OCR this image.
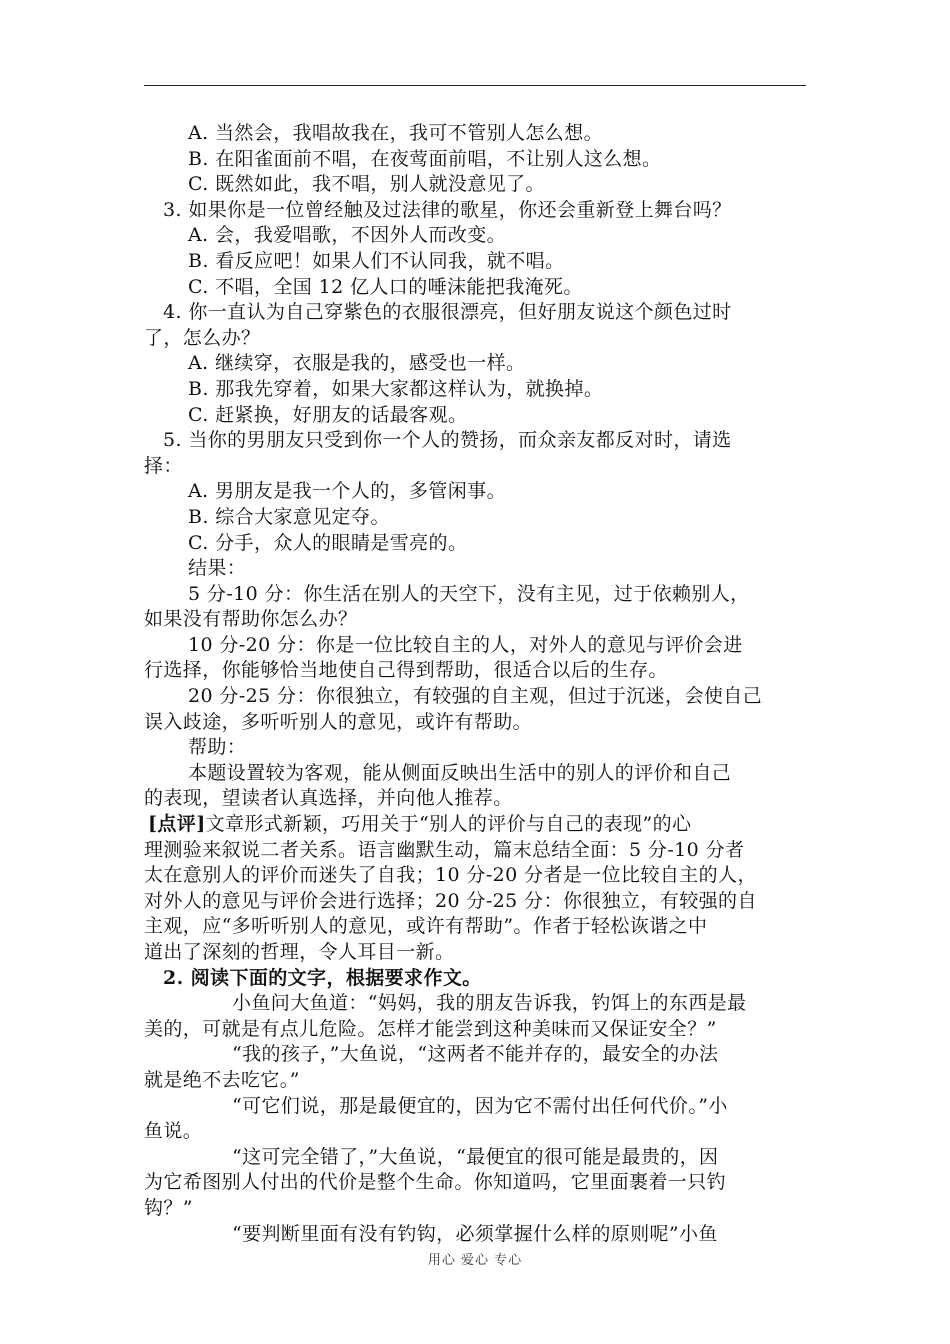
A. 当然会，我唱故我在，我可不管别人怎么想。
B. 在阳雀面前不唱，在夜莺面前唱，不让别人这么想。
C. 既然如此，我不唱，别人就没意见了。
3. 如果你是一位曾经触及过法律的歌星，你还会重新登上舞台吗？
A. 会，我爱唱歌，不因外人而改变。
B. 看反应吧！如果人们不认同我，就不唱。
C. 不唱，全国 12 亿人口的唾沫能把我淹死。
4. 你一直认为自己穿紫色的衣服很漂亮，但好朋友说这个颜色过时
了，怎么办？
A. 继续穿，衣服是我的，感受也一样。
B. 那我先穿着，如果大家都这样认为，就换掉。
C. 赶紧换，好朋友的话最客观。
5. 当你的男朋友只受到你一个人的赞扬，而众亲友都反对时，请选
择：
A. 男朋友是我一个人的，多管闲事。
B. 综合大家意见定夺。
C. 分手，众人的眼睛是雪亮的。
结果：
5 分-10 分：你生活在别人的天空下，没有主见，过于依赖别人，
如果没有帮助你怎么办？
10 分-20 分：你是一位比较自主的人，对外人的意见与评价会进
行选择，你能够恰当地使自己得到帮助，很适合以后的生存。
20 分-25 分：你很独立，有较强的自主观，但过于沉迷，会使自己
误入歧途，多听听别人的意见，或许有帮助。
帮助：
本题设置较为客观，能从侧面反映出生活中的别人的评价和自己
的表现，望读者认真选择，并向他人推荐。
[点评]文章形式新颖，巧用关于“别人的评价与自己的表现”的心
理测验来叙说二者关系。语言幽默生动，篇末总结全面：5 分-10 分者
太在意别人的评价而迷失了自我；10 分-20 分者是一位比较自主的人，
对外人的意见与评价会进行选择；20 分-25 分：你很独立，有较强的自
主观，应“多听听别人的意见，或许有帮助”。作者于轻松诙谐之中
道出了深刻的哲理，令人耳目一新。
2. 阅读下面的文字，根据要求作文。
小鱼问大鱼道：“妈妈，我的朋友告诉我，钓饵上的东西是最
美的，可就是有点儿危险。怎样才能尝到这种美味而又保证安全？”
“我的孩子，”大鱼说，“这两者不能并存的，最安全的办法
就是绝不去吃它。”
“可它们说，那是最便宜的，因为它不需付出任何代价。”小
鱼说。
“这可完全错了，”大鱼说，“最便宜的很可能是最贵的，因
为它希图别人付出的代价是整个生命。你知道吗，它里面裹着一只钓
钩？”
“要判断里面有没有钓钩，必须掌握什么样的原则呢”小鱼
用心 爱心 专心
